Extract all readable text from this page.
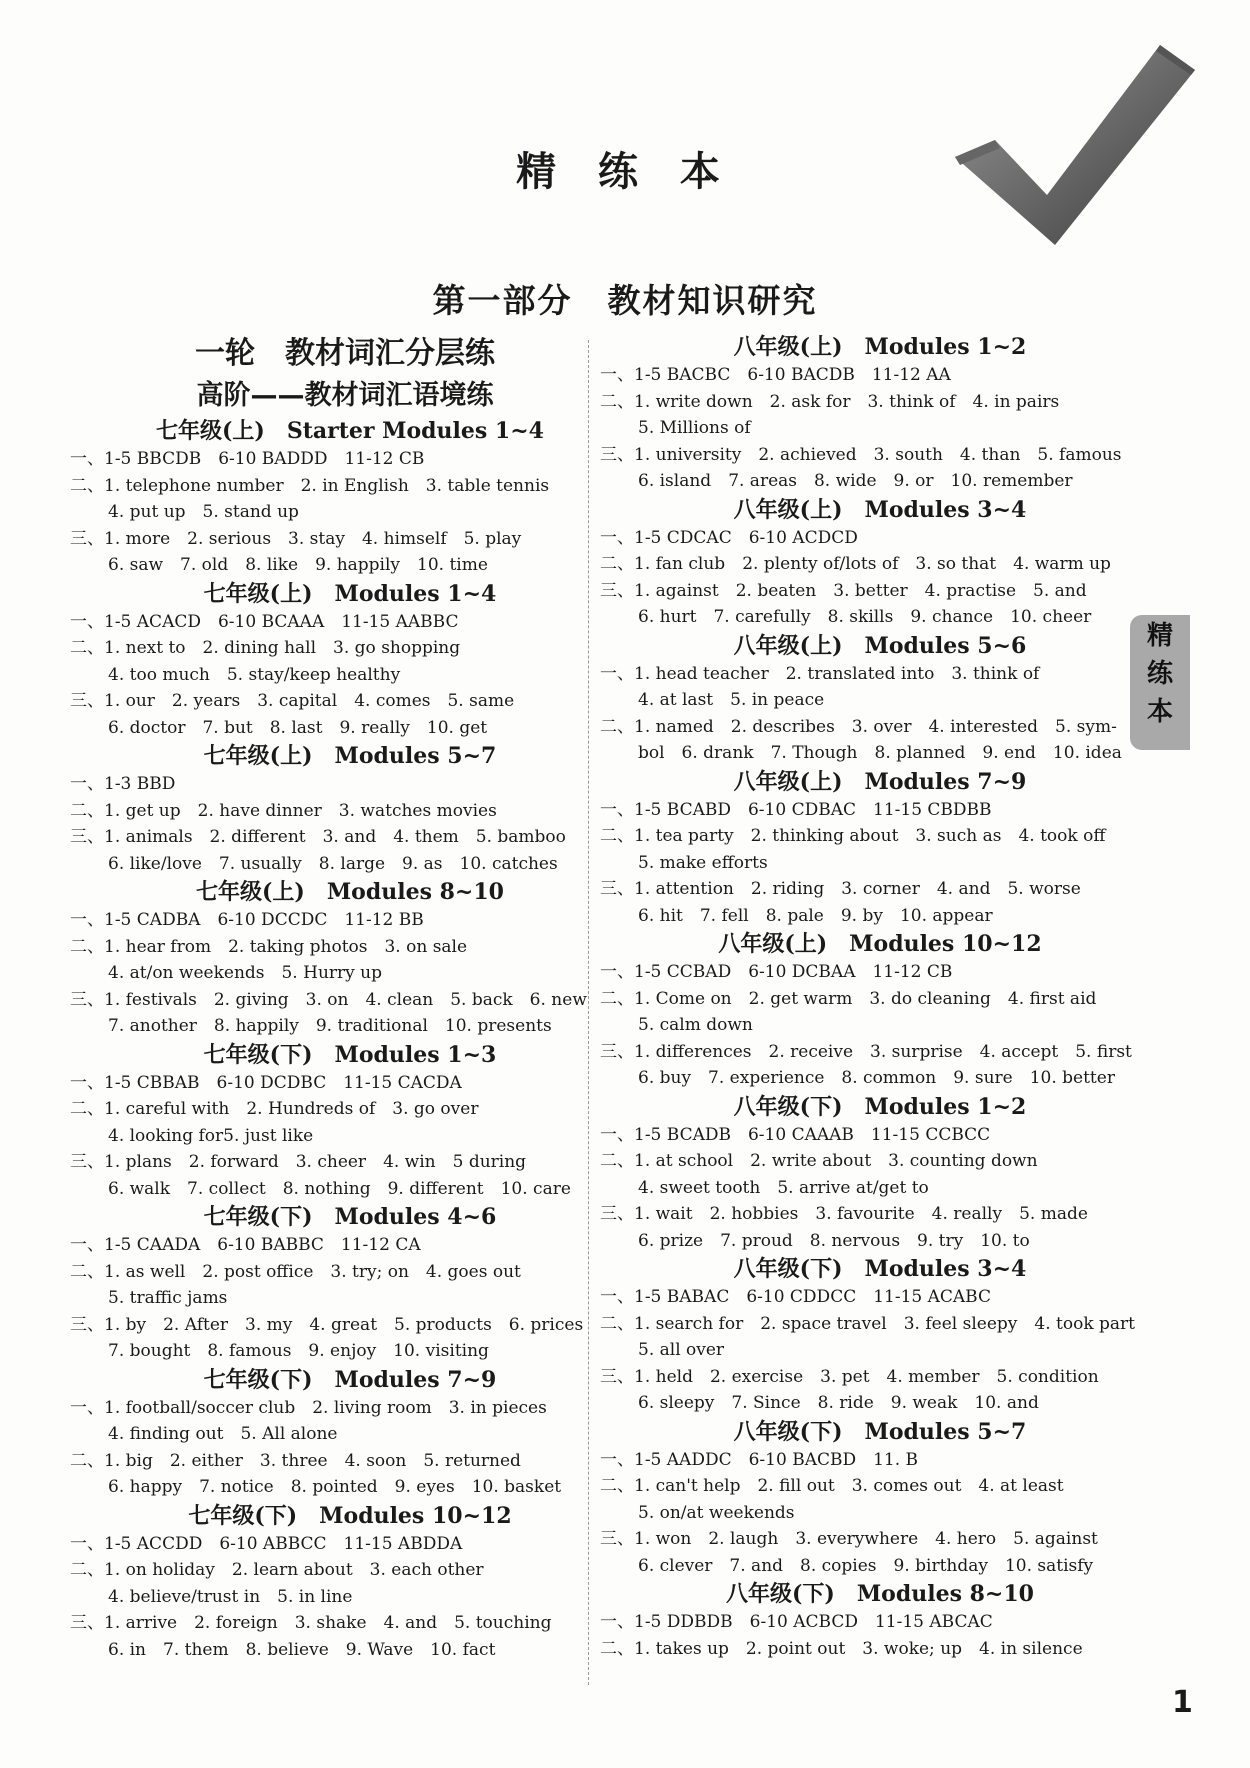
精 练 本
第一部分　教材知识研究
一轮　教材词汇分层练
高阶——教材词汇语境练
七年级(上)　Starter Modules 1~4
一、1-5 BBCDB　6-10 BADDD　11-12 CB
二、1. telephone number　2. in English　3. table tennis
4. put up　5. stand up
三、1. more　2. serious　3. stay　4. himself　5. play
6. saw　7. old　8. like　9. happily　10. time
七年级(上)　Modules 1~4
一、1-5 ACACD　6-10 BCAAA　11-15 AABBC
二、1. next to　2. dining hall　3. go shopping
4. too much　5. stay/keep healthy
三、1. our　2. years　3. capital　4. comes　5. same
6. doctor　7. but　8. last　9. really　10. get
七年级(上)　Modules 5~7
一、1-3 BBD
二、1. get up　2. have dinner　3. watches movies
三、1. animals　2. different　3. and　4. them　5. bamboo
6. like/love　7. usually　8. large　9. as　10. catches
七年级(上)　Modules 8~10
一、1-5 CADBA　6-10 DCCDC　11-12 BB
二、1. hear from　2. taking photos　3. on sale
4. at/on weekends　5. Hurry up
三、1. festivals　2. giving　3. on　4. clean　5. back　6. new
7. another　8. happily　9. traditional　10. presents
七年级(下)　Modules 1~3
一、1-5 CBBAB　6-10 DCDBC　11-15 CACDA
二、1. careful with　2. Hundreds of　3. go over
4. looking for5. just like
三、1. plans　2. forward　3. cheer　4. win　5 during
6. walk　7. collect　8. nothing　9. different　10. care
七年级(下)　Modules 4~6
一、1-5 CAADA　6-10 BABBC　11-12 CA
二、1. as well　2. post office　3. try; on　4. goes out
5. traffic jams
三、1. by　2. After　3. my　4. great　5. products　6. prices
7. bought　8. famous　9. enjoy　10. visiting
七年级(下)　Modules 7~9
一、1. football/soccer club　2. living room　3. in pieces
4. finding out　5. All alone
二、1. big　2. either　3. three　4. soon　5. returned
6. happy　7. notice　8. pointed　9. eyes　10. basket
七年级(下)　Modules 10~12
一、1-5 ACCDD　6-10 ABBCC　11-15 ABDDA
二、1. on holiday　2. learn about　3. each other
4. believe/trust in　5. in line
三、1. arrive　2. foreign　3. shake　4. and　5. touching
6. in　7. them　8. believe　9. Wave　10. fact
八年级(上)　Modules 1~2
一、1-5 BACBC　6-10 BACDB　11-12 AA
二、1. write down　2. ask for　3. think of　4. in pairs
5. Millions of
三、1. university　2. achieved　3. south　4. than　5. famous
6. island　7. areas　8. wide　9. or　10. remember
八年级(上)　Modules 3~4
一、1-5 CDCAC　6-10 ACDCD
二、1. fan club　2. plenty of/lots of　3. so that　4. warm up
三、1. against　2. beaten　3. better　4. practise　5. and
6. hurt　7. carefully　8. skills　9. chance　10. cheer
八年级(上)　Modules 5~6
一、1. head teacher　2. translated into　3. think of
4. at last　5. in peace
二、1. named　2. describes　3. over　4. interested　5. sym-
bol　6. drank　7. Though　8. planned　9. end　10. idea
八年级(上)　Modules 7~9
一、1-5 BCABD　6-10 CDBAC　11-15 CBDBB
二、1. tea party　2. thinking about　3. such as　4. took off
5. make efforts
三、1. attention　2. riding　3. corner　4. and　5. worse
6. hit　7. fell　8. pale　9. by　10. appear
八年级(上)　Modules 10~12
一、1-5 CCBAD　6-10 DCBAA　11-12 CB
二、1. Come on　2. get warm　3. do cleaning　4. first aid
5. calm down
三、1. differences　2. receive　3. surprise　4. accept　5. first
6. buy　7. experience　8. common　9. sure　10. better
八年级(下)　Modules 1~2
一、1-5 BCADB　6-10 CAAAB　11-15 CCBCC
二、1. at school　2. write about　3. counting down
4. sweet tooth　5. arrive at/get to
三、1. wait　2. hobbies　3. favourite　4. really　5. made
6. prize　7. proud　8. nervous　9. try　10. to
八年级(下)　Modules 3~4
一、1-5 BABAC　6-10 CDDCC　11-15 ACABC
二、1. search for　2. space travel　3. feel sleepy　4. took part
5. all over
三、1. held　2. exercise　3. pet　4. member　5. condition
6. sleepy　7. Since　8. ride　9. weak　10. and
八年级(下)　Modules 5~7
一、1-5 AADDC　6-10 BACBD　11. B
二、1. can't help　2. fill out　3. comes out　4. at least
5. on/at weekends
三、1. won　2. laugh　3. everywhere　4. hero　5. against
6. clever　7. and　8. copies　9. birthday　10. satisfy
八年级(下)　Modules 8~10
一、1-5 DDBDB　6-10 ACBCD　11-15 ABCAC
二、1. takes up　2. point out　3. woke; up　4. in silence
精
练
本
1
